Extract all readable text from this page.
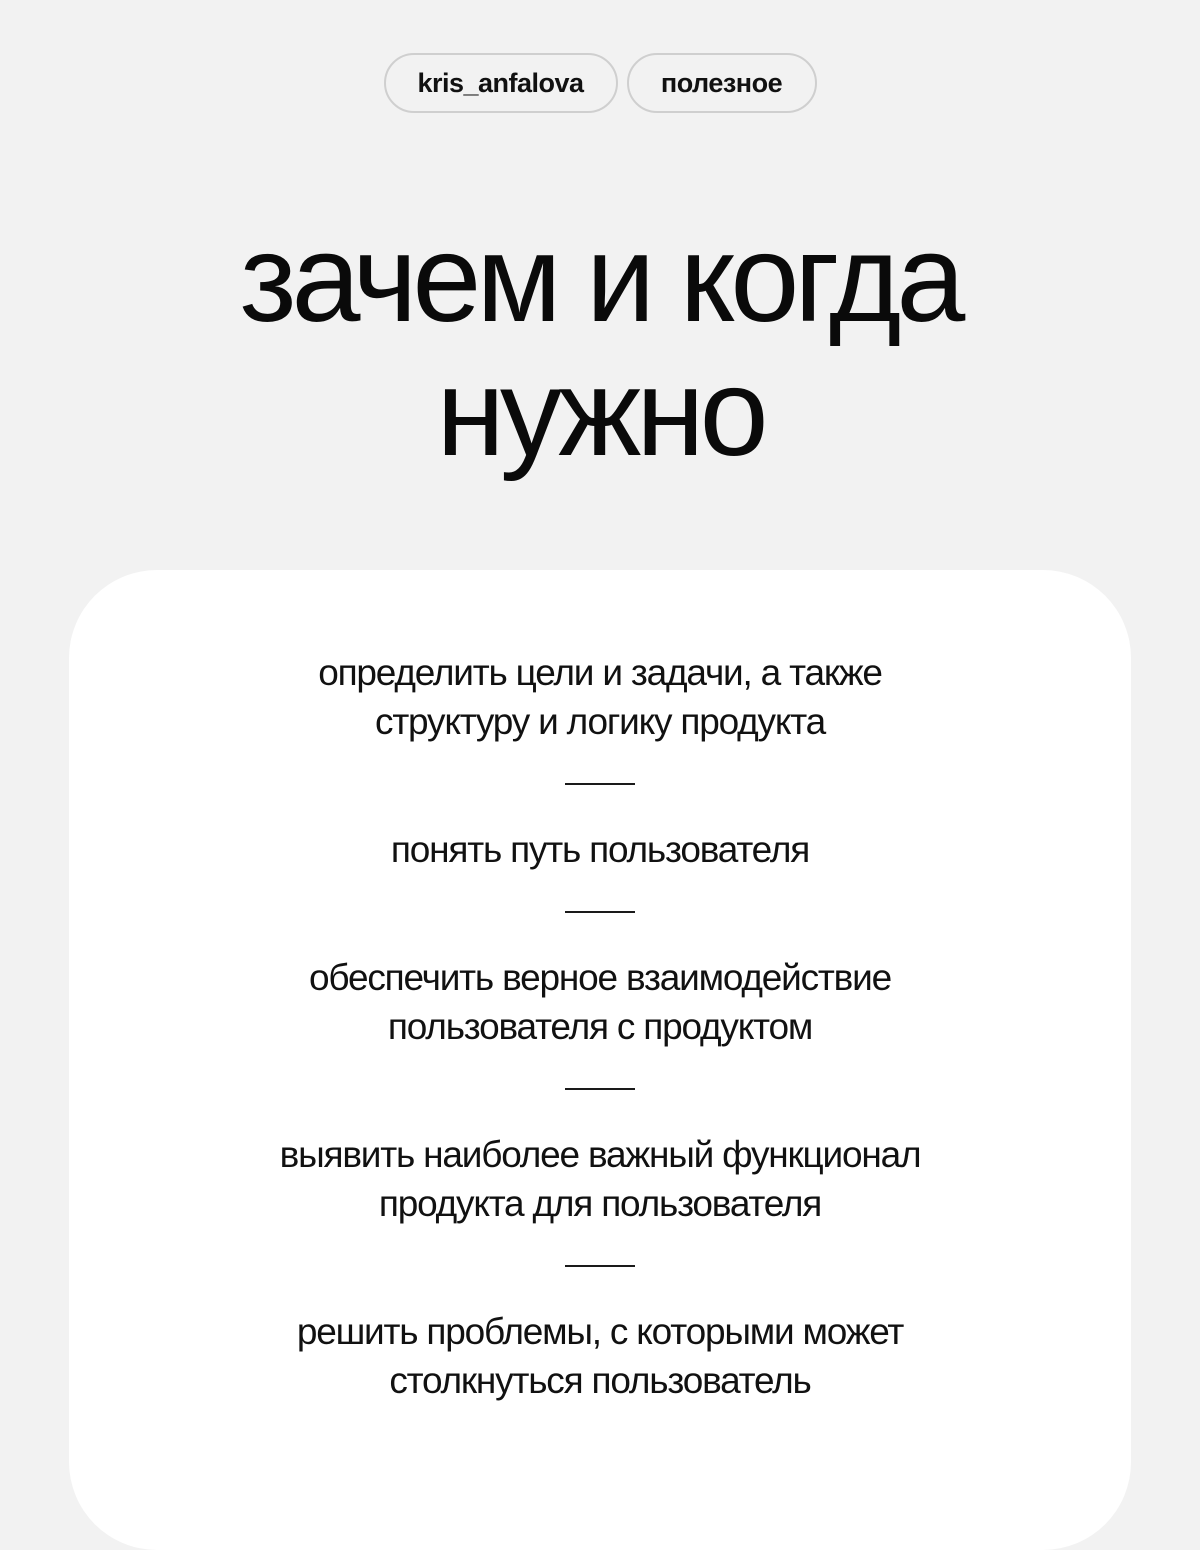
kris_anfalova	полезное
зачем и когда
нужно
определить цели и задачи, а также
структуру и логику продукта
понять путь пользователя
обеспечить верное взаимодействие
пользователя с продуктом
выявить наиболее важный функционал
продукта для пользователя
решить проблемы, с которыми может
столкнуться пользователь
